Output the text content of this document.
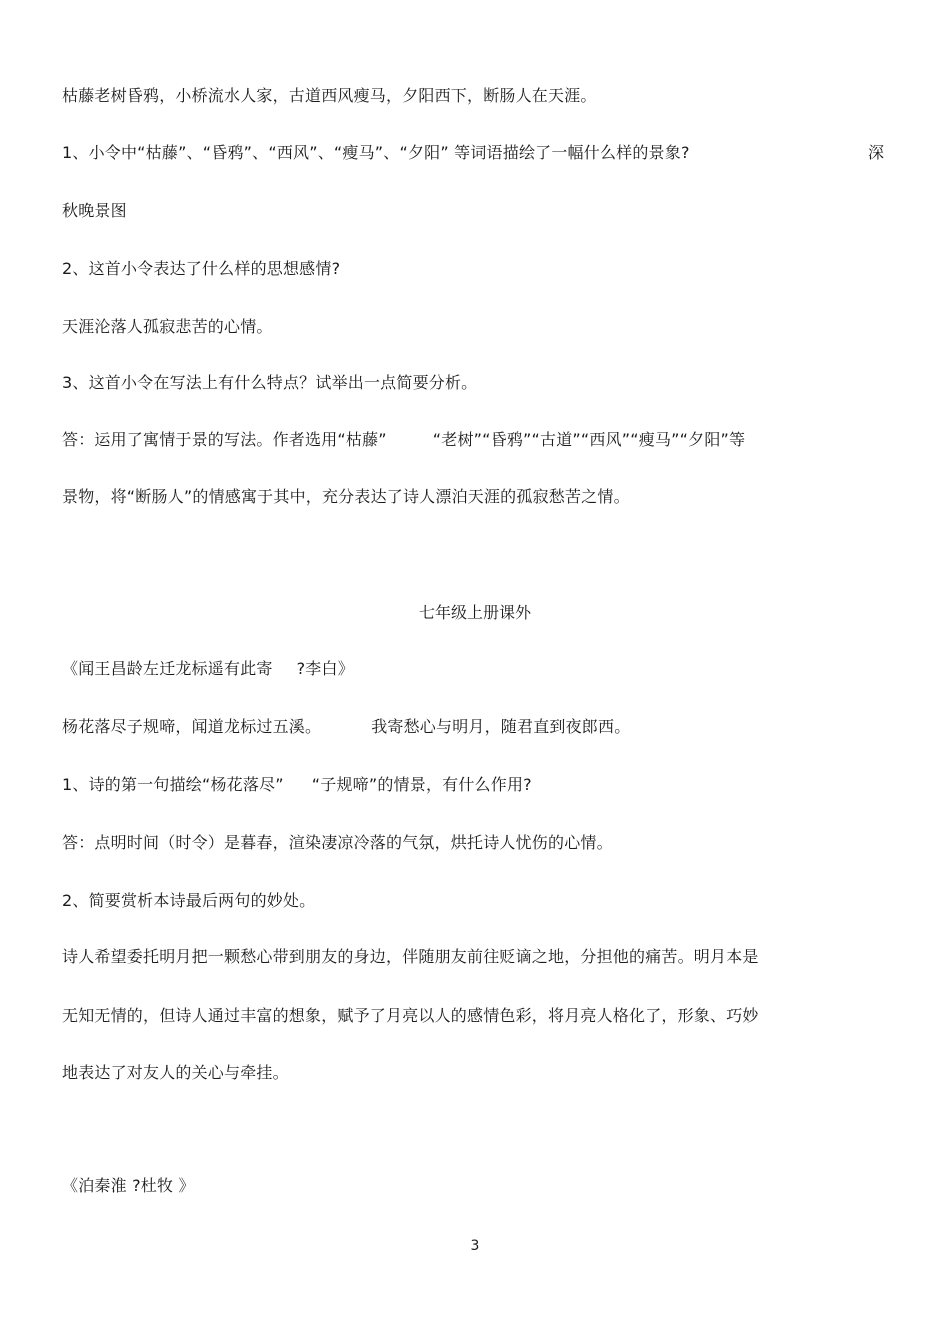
枯藤老树昏鸦，小桥流水人家，古道西风瘦马，夕阳西下，断肠人在天涯。
1、小令中“枯藤”、“昏鸦”、“西风”、“瘦马”、“夕阳” 等词语描绘了一幅什么样的景象?	深
秋晚景图
2、这首小令表达了什么样的思想感情?
天涯沦落人孤寂悲苦的心情。
3、这首小令在写法上有什么特点？试举出一点简要分析。
答：运用了寓情于景的写法。作者选用“枯藤”	“老树”“昏鸦”“古道”“西风”“瘦马”“夕阳”等
景物，将“断肠人”的情感寓于其中，充分表达了诗人漂泊天涯的孤寂愁苦之情。
七年级上册课外
《闻王昌龄左迁龙标遥有此寄 ?李白》
杨花落尽子规啼，闻道龙标过五溪。	我寄愁心与明月，随君直到夜郎西。
1、诗的第一句描绘“杨花落尽” “子规啼”的情景，有什么作用?
答：点明时间（时令）是暮春，渲染凄凉冷落的气氛，烘托诗人忧伤的心情。
2、简要赏析本诗最后两句的妙处。
诗人希望委托明月把一颗愁心带到朋友的身边，伴随朋友前往贬谪之地，分担他的痛苦。明月本是
无知无情的，但诗人通过丰富的想象，赋予了月亮以人的感情色彩，将月亮人格化了，形象、巧妙
地表达了对友人的关心与牵挂。
《泊秦淮 ?杜牧 》
3
